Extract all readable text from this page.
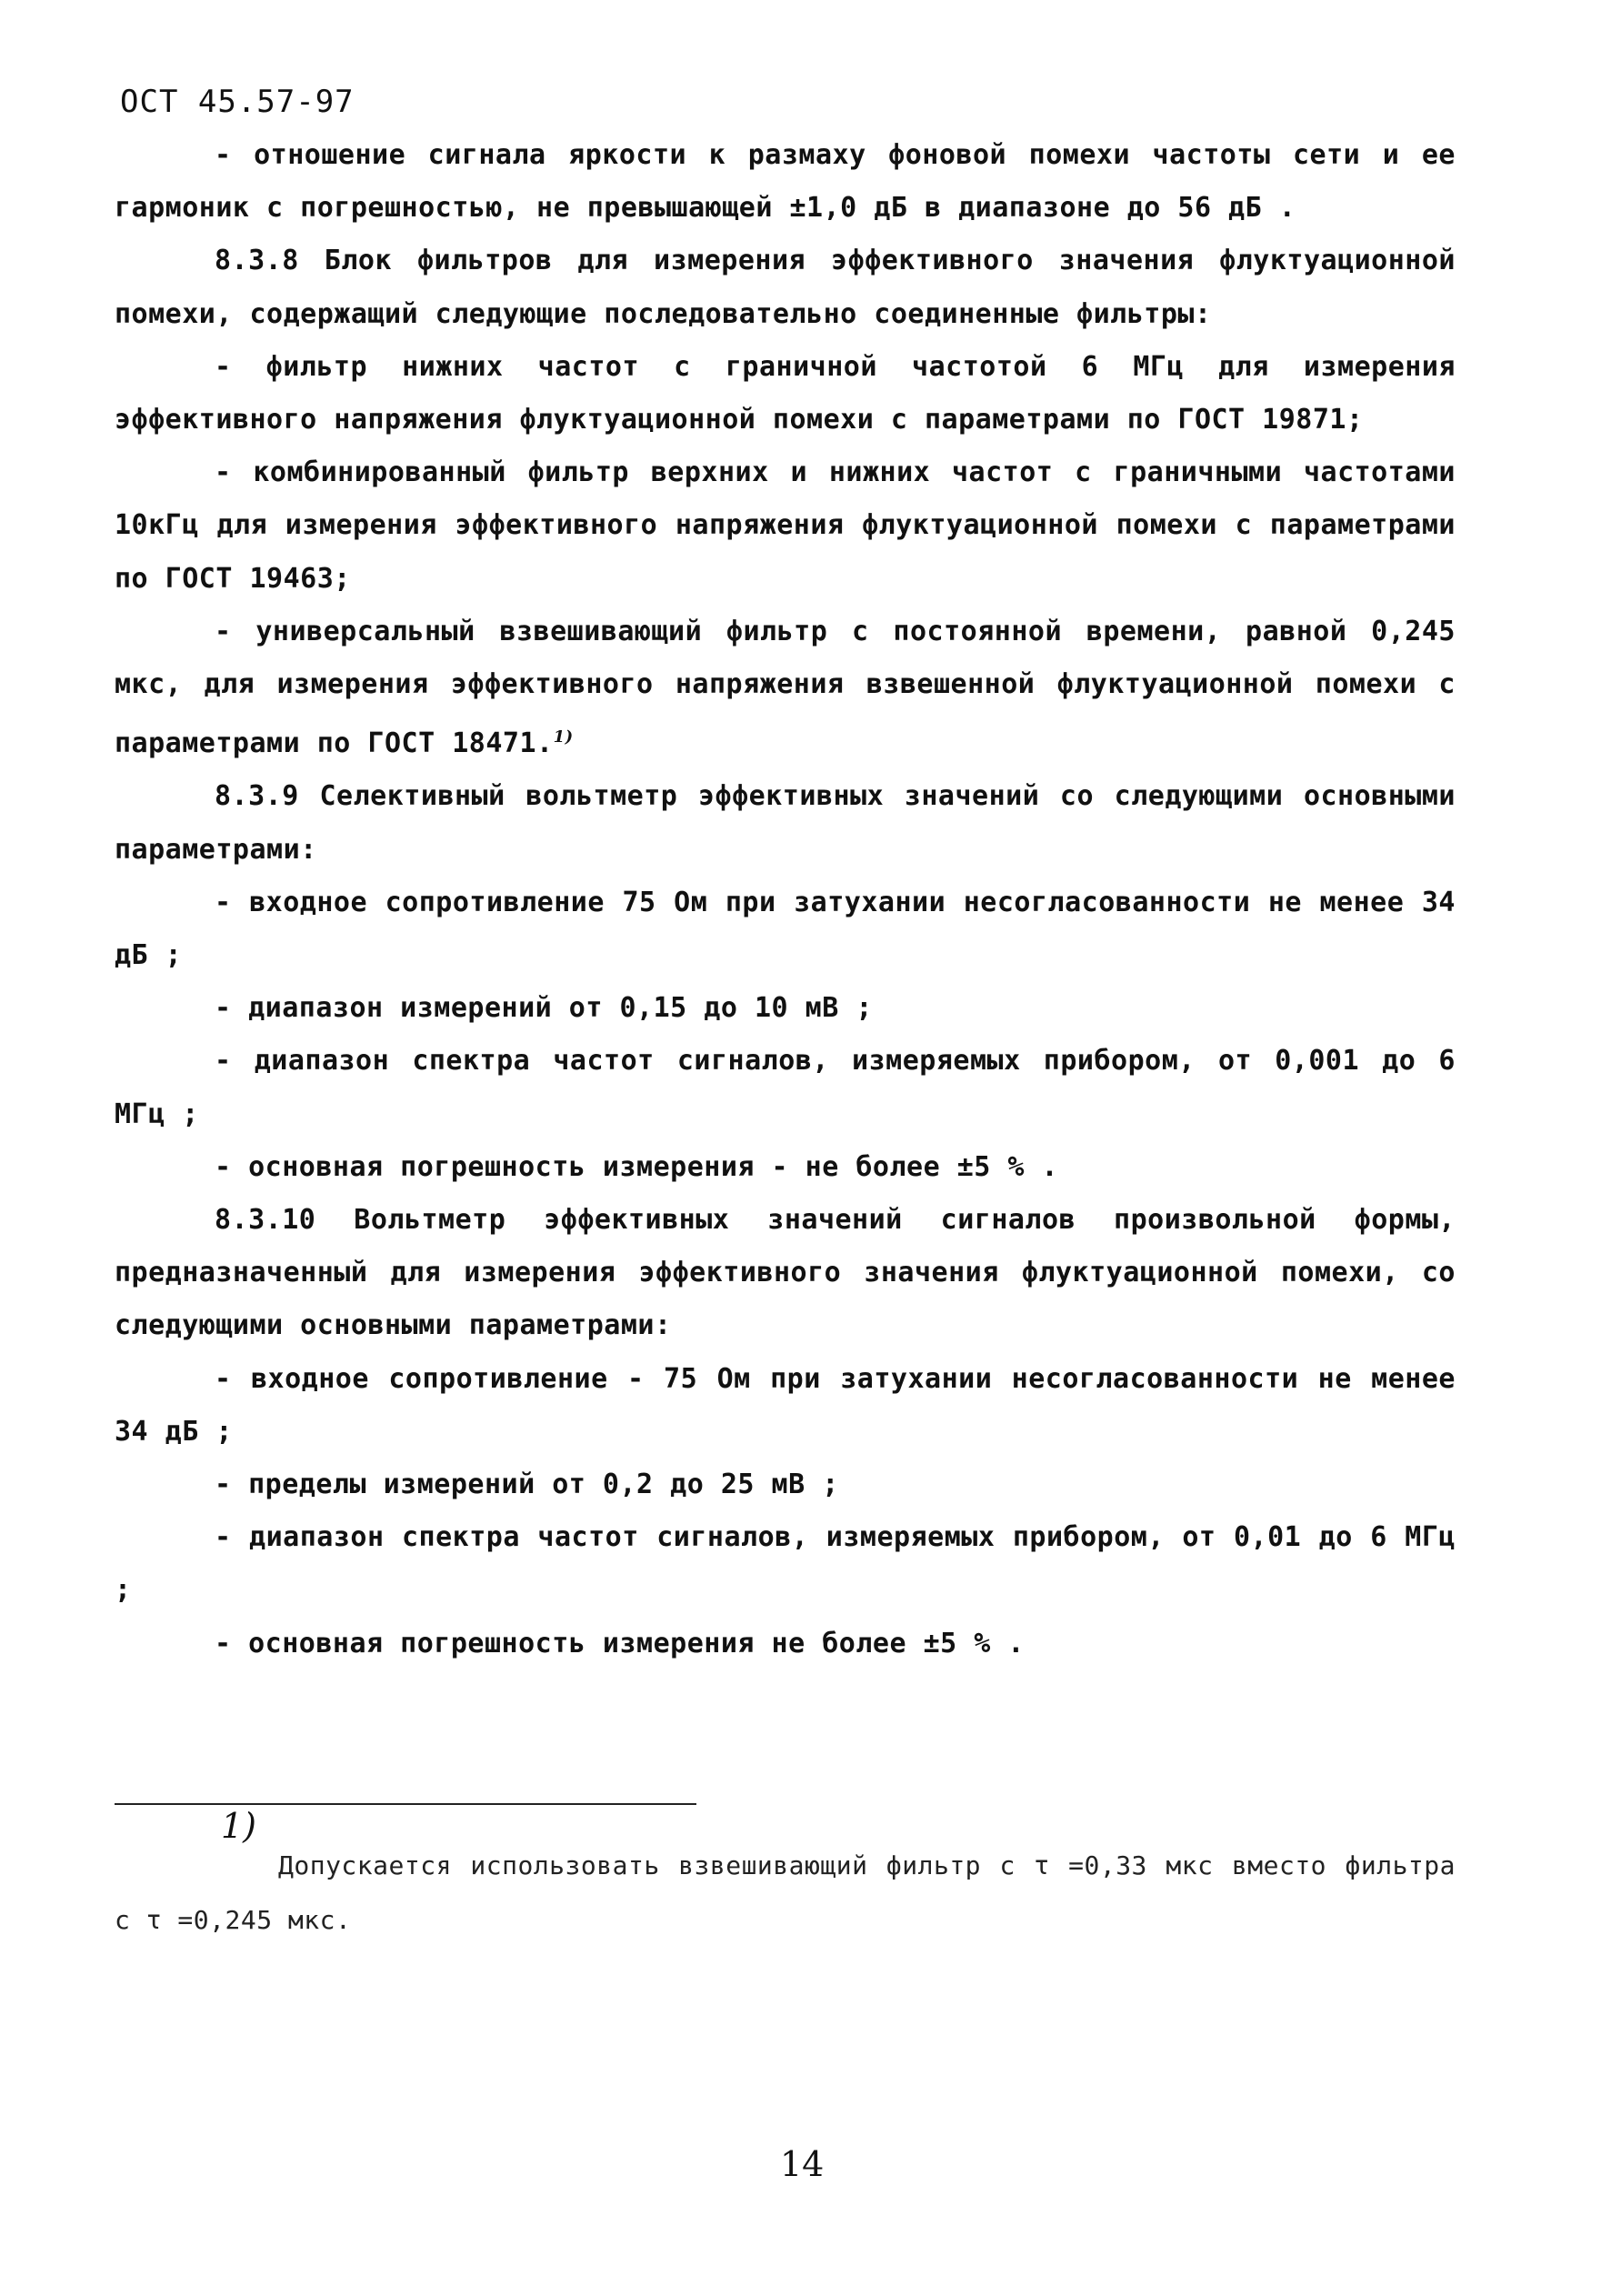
ОСТ 45.57-97

- отношение сигнала яркости к размаху фоновой помехи частоты сети и ее гармоник с погрешностью, не превышающей ±1,0 дБ в диапазоне до 56 дБ .

8.3.8 Блок фильтров для измерения эффективного значения флуктуационной помехи, содержащий следующие последовательно соединенные фильтры:

- фильтр нижних частот с граничной частотой 6 МГц для измерения эффективного напряжения флуктуационной помехи с параметрами по ГОСТ 19871;

- комбинированный фильтр верхних и нижних частот с граничными частотами 10кГц для измерения эффективного напряжения флуктуационной помехи с параметрами по ГОСТ 19463;

- универсальный взвешивающий фильтр с постоянной времени, равной 0,245 мкс, для измерения эффективного напряжения взвешенной флуктуационной помехи с параметрами по ГОСТ 18471.$^{1)}$

8.3.9 Селективный вольтметр эффективных значений со следующими основными параметрами:

- входное сопротивление 75 Ом при затухании несогласованности не менее 34 дБ ;

- диапазон измерений от 0,15 до 10 мВ ;

- диапазон спектра частот сигналов, измеряемых прибором, от 0,001 до 6 МГц ;

- основная погрешность измерения - не более ±5 % .

8.3.10 Вольтметр эффективных значений сигналов произвольной формы, предназначенный для измерения эффективного значения флуктуационной помехи, со следующими основными параметрами:

- входное сопротивление - 75 Ом при затухании несогласованности не менее 34 дБ ;

- пределы измерений от 0,2 до 25 мВ ;

- диапазон спектра частот сигналов, измеряемых прибором, от 0,01 до 6 МГц ;

- основная погрешность измерения не более ±5 % .

1)
Допускается использовать взвешивающий фильтр с τ =0,33 мкс вместо фильтра с τ =0,245 мкс.
14
